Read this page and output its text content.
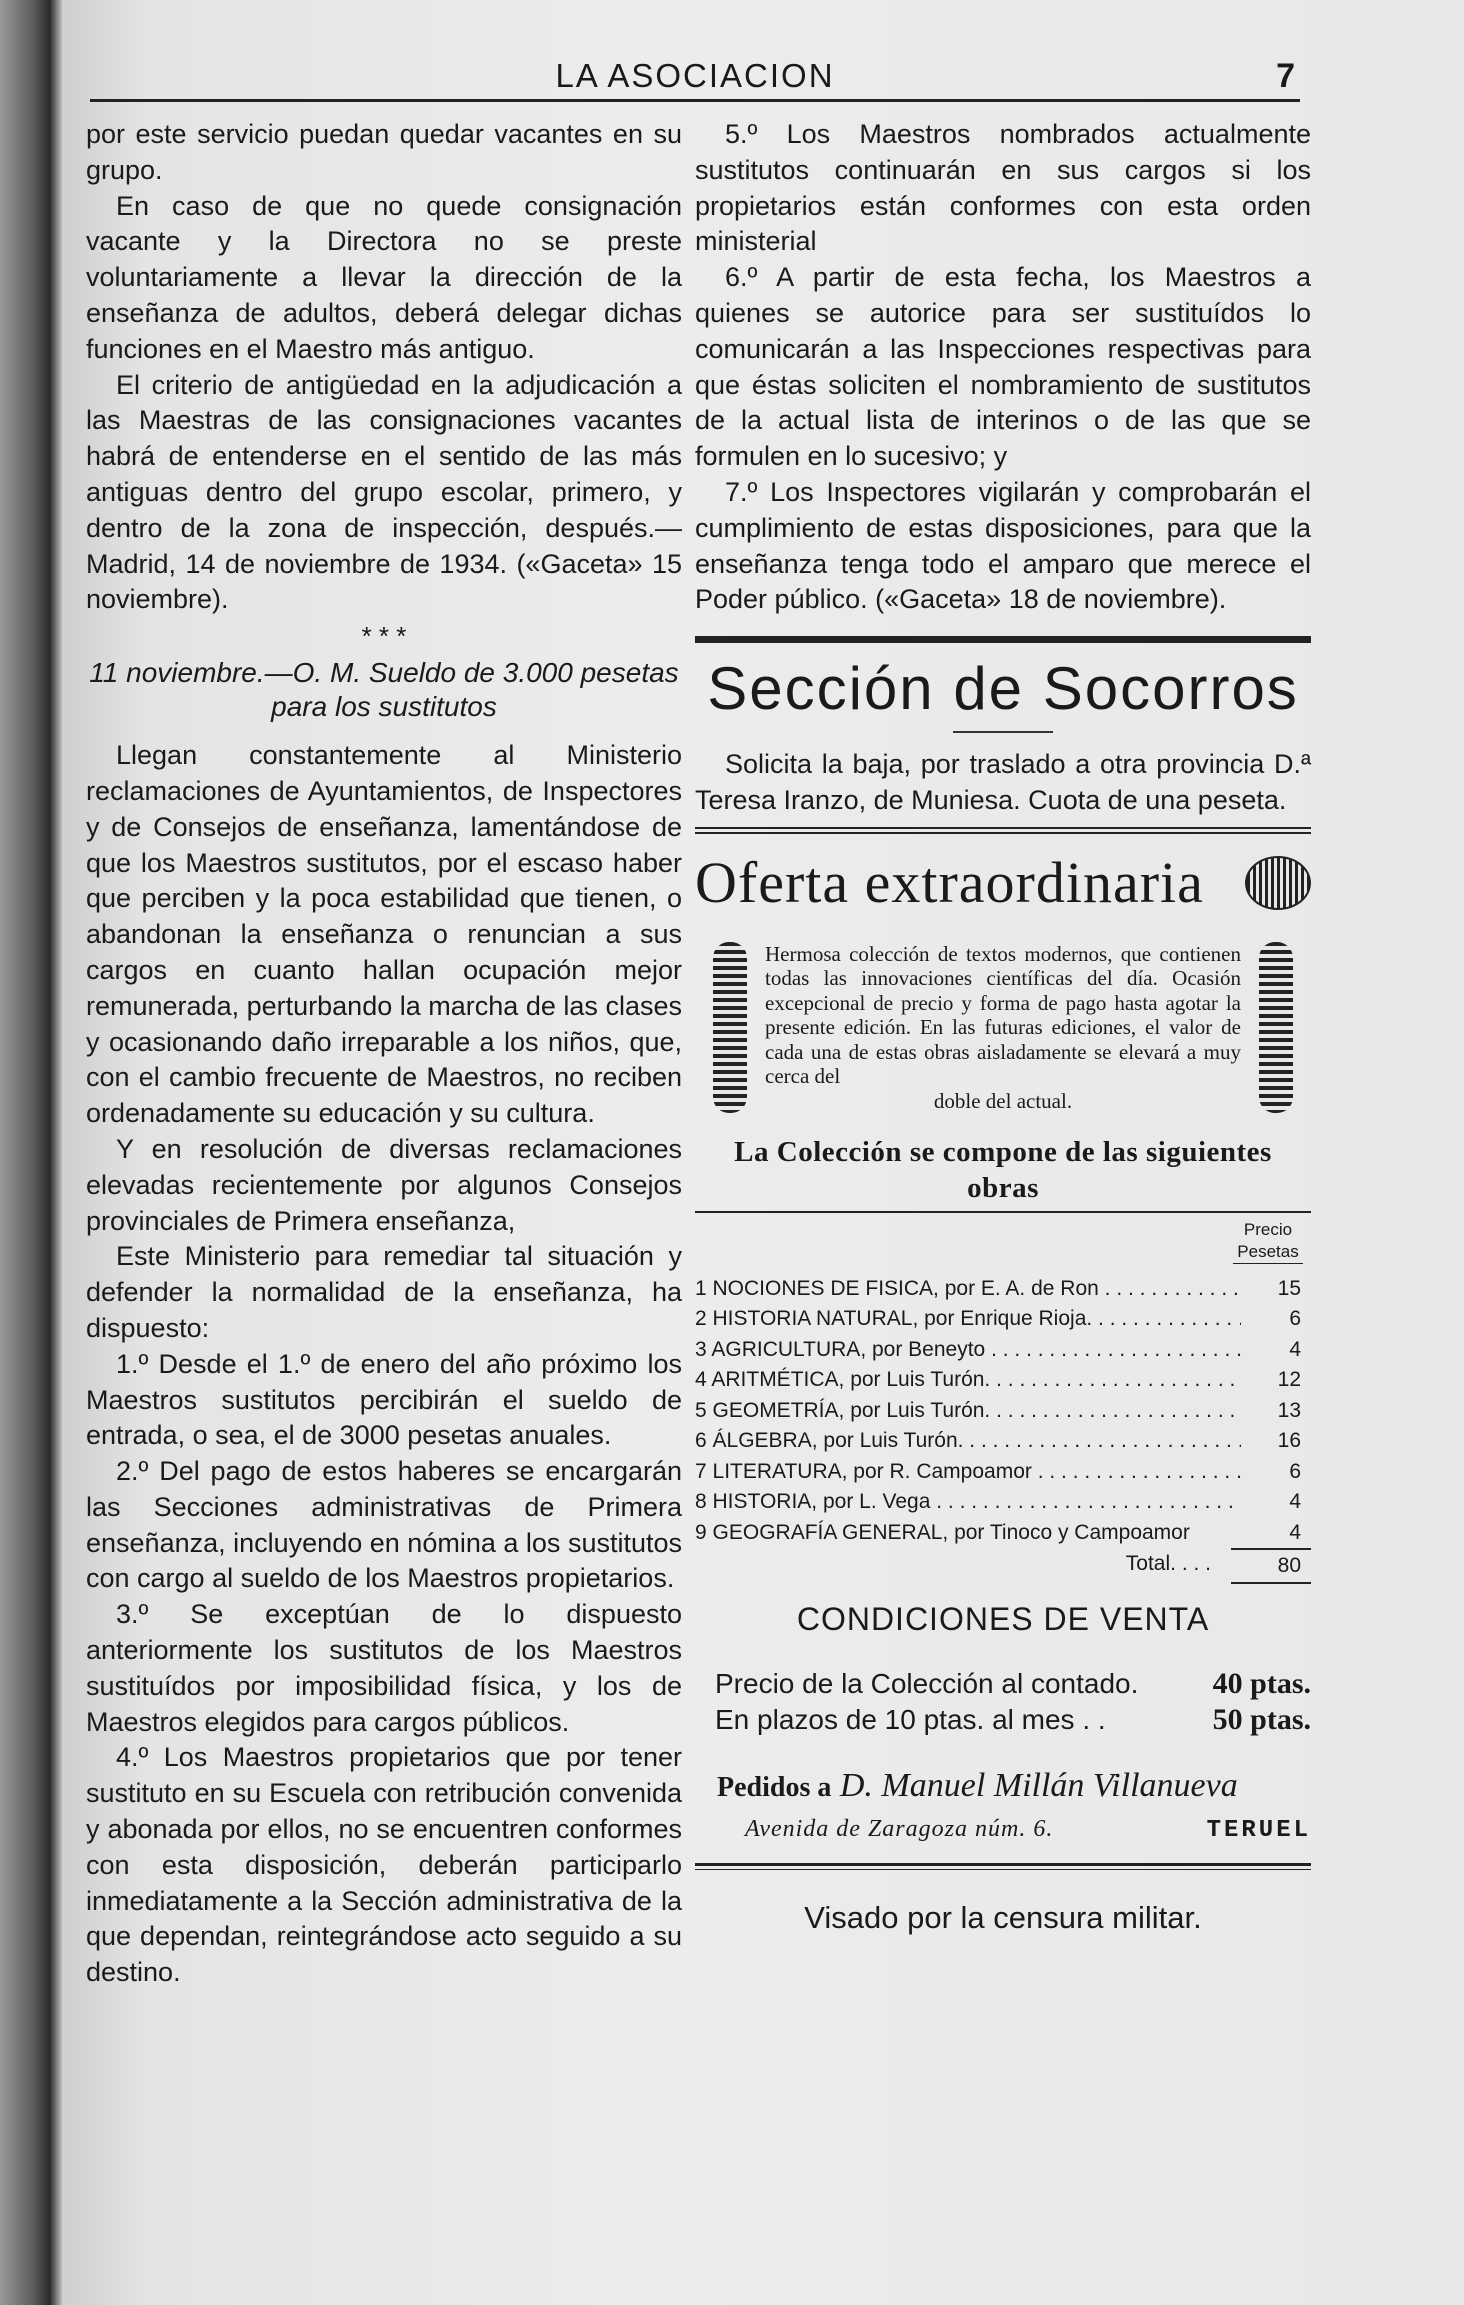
LA ASOCIACION	7

por este servicio puedan quedar vacantes en su grupo.

En caso de que no quede consignación vacante y la Directora no se preste voluntariamente a llevar la dirección de la enseñanza de adultos, deberá delegar dichas funciones en el Maestro más antiguo.

El criterio de antigüedad en la adjudicación a las Maestras de las consignaciones vacantes habrá de entenderse en el sentido de las más antiguas dentro del grupo escolar, primero, y dentro de la zona de inspección, después.—Madrid, 14 de noviembre de 1934. («Gaceta» 15 noviembre).

* * *
11 noviembre.—O. M. Sueldo de 3.000 pesetas para los sustitutos

Llegan constantemente al Ministerio reclamaciones de Ayuntamientos, de Inspectores y de Consejos de enseñanza, lamentándose de que los Maestros sustitutos, por el escaso haber que perciben y la poca estabilidad que tienen, o abandonan la enseñanza o renuncian a sus cargos en cuanto hallan ocupación mejor remunerada, perturbando la marcha de las clases y ocasionando daño irreparable a los niños, que, con el cambio frecuente de Maestros, no reciben ordenadamente su educación y su cultura.

Y en resolución de diversas reclamaciones elevadas recientemente por algunos Consejos provinciales de Primera enseñanza,

Este Ministerio para remediar tal situación y defender la normalidad de la enseñanza, ha dispuesto:

1.º Desde el 1.º de enero del año próximo los Maestros sustitutos percibirán el sueldo de entrada, o sea, el de 3000 pesetas anuales.

2.º Del pago de estos haberes se encargarán las Secciones administrativas de Primera enseñanza, incluyendo en nómina a los sustitutos con cargo al sueldo de los Maestros propietarios.

3.º Se exceptúan de lo dispuesto anteriormente los sustitutos de los Maestros sustituídos por imposibilidad física, y los de Maestros elegidos para cargos públicos.

4.º Los Maestros propietarios que por tener sustituto en su Escuela con retribución convenida y abonada por ellos, no se encuentren conformes con esta disposición, deberán participarlo inmediatamente a la Sección administrativa de la que dependan, reintegrándose acto seguido a su destino.

5.º Los Maestros nombrados actualmente sustitutos continuarán en sus cargos si los propietarios están conformes con esta orden ministerial

6.º A partir de esta fecha, los Maestros a quienes se autorice para ser sustituídos lo comunicarán a las Inspecciones respectivas para que éstas soliciten el nombramiento de sustitutos de la actual lista de interinos o de las que se formulen en lo sucesivo; y

7.º Los Inspectores vigilarán y comprobarán el cumplimiento de estas disposiciones, para que la enseñanza tenga todo el amparo que merece el Poder público. («Gaceta» 18 de noviembre).

Sección de Socorros

Solicita la baja, por traslado a otra provincia D.ª Teresa Iranzo, de Muniesa. Cuota de una peseta.

Oferta extraordinaria
Hermosa colección de textos modernos, que contienen todas las innovaciones científicas del día. Ocasión excepcional de precio y forma de pago hasta agotar la presente edición. En las futuras ediciones, el valor de cada una de estas obras aisladamente se elevará a muy cerca del
doble del actual.
La Colección se compone de las siguientes obras
Precio Pesetas
1 NOCIONES DE FISICA, por E. A. de Ron . . .	15
2 HISTORIA NATURAL, por Enrique Rioja. . . .	6
3 AGRICULTURA, por Beneyto . . .	4
4 ARITMÉTICA, por Luis Turón. . . .	12
5 GEOMETRÍA, por Luis Turón. . . .	13
6 ÁLGEBRA, por Luis Turón. . . .	16
7 LITERATURA, por R. Campoamor . . .	6
8 HISTORIA, por L. Vega . . .	4
9 GEOGRAFÍA GENERAL, por Tinoco y Campoamor	4
Total. . . .	80
CONDICIONES DE VENTA
Precio de la Colección al contado. 40 ptas.
En plazos de 10 ptas. al mes . .	50 ptas.
Pedidos a D. Manuel Millán Villanueva
Avenida de Zaragoza núm. 6.	TERUEL
Visado por la censura militar.
